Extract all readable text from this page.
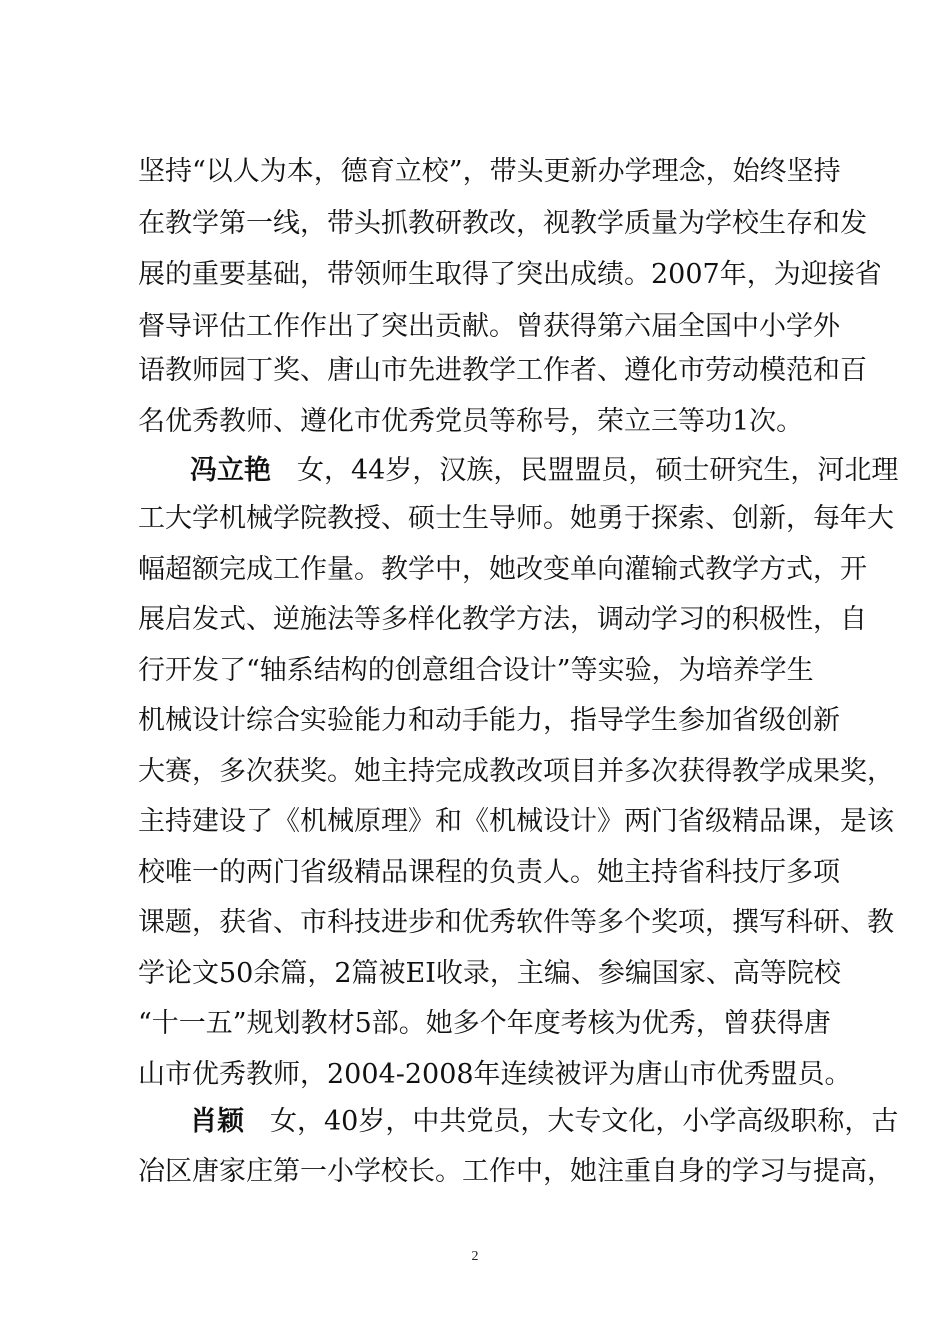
坚持“以人为本，德育立校”，带头更新办学理念，始终坚持
在教学第一线，带头抓教研教改，视教学质量为学校生存和发
展的重要基础，带领师生取得了突出成绩。2007年，为迎接省
督导评估工作作出了突出贡献。曾获得第六届全国中小学外
语教师园丁奖、唐山市先进教学工作者、遵化市劳动模范和百
名优秀教师、遵化市优秀党员等称号，荣立三等功1次。
冯立艳 女，44岁，汉族，民盟盟员，硕士研究生，河北理
工大学机械学院教授、硕士生导师。她勇于探索、创新，每年大
幅超额完成工作量。教学中，她改变单向灌输式教学方式，开
展启发式、逆施法等多样化教学方法，调动学习的积极性，自
行开发了“轴系结构的创意组合设计”等实验，为培养学生
机械设计综合实验能力和动手能力，指导学生参加省级创新
大赛，多次获奖。她主持完成教改项目并多次获得教学成果奖，
主持建设了《机械原理》和《机械设计》两门省级精品课，是该
校唯一的两门省级精品课程的负责人。她主持省科技厅多项
课题，获省、市科技进步和优秀软件等多个奖项，撰写科研、教
学论文50余篇，2篇被EI收录，主编、参编国家、高等院校
“十一五”规划教材5部。她多个年度考核为优秀，曾获得唐
山市优秀教师，2004-2008年连续被评为唐山市优秀盟员。
肖颖 女，40岁，中共党员，大专文化，小学高级职称，古
冶区唐家庄第一小学校长。工作中，她注重自身的学习与提高，
2
